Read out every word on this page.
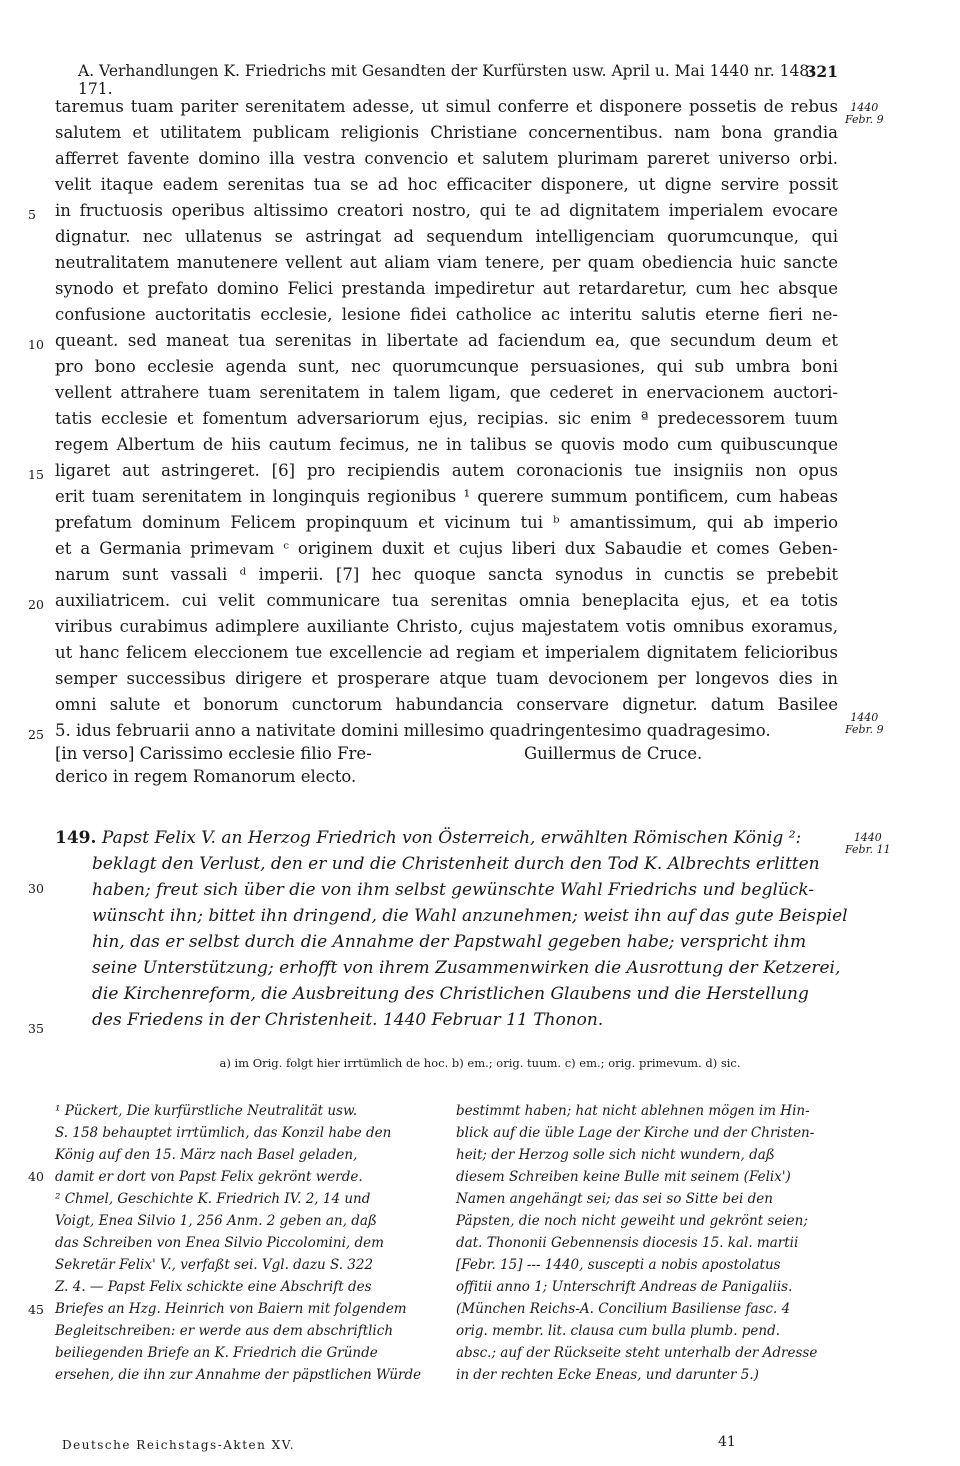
A. Verhandlungen K. Friedrichs mit Gesandten der Kurfürsten usw. April u. Mai 1440 nr. 148-171.
321
taremus tuam pariter serenitatem adesse, ut simul conferre et disponere possetis de rebus
salutem et utilitatem publicam religionis Christiane concernentibus. nam bona grandia
afferret favente domino illa vestra convencio et salutem plurimam pareret universo orbi.
velit itaque eadem serenitas tua se ad hoc efficaciter disponere, ut digne servire possit
in fructuosis operibus altissimo creatori nostro, qui te ad dignitatem imperialem evocare
dignatur. nec ullatenus se astringat ad sequendum intelligenciam quorumcunque, qui
neutralitatem manutenere vellent aut aliam viam tenere, per quam obediencia huic sancte
synodo et prefato domino Felici prestanda impediretur aut retardaretur, cum hec absque
confusione auctoritatis ecclesie, lesione fidei catholice ac interitu salutis eterne fieri ne-
queant. sed maneat tua serenitas in libertate ad faciendum ea, que secundum deum et
pro bono ecclesie agenda sunt, nec quorumcunque persuasiones, qui sub umbra boni
vellent attrahere tuam serenitatem in talem ligam, que cederet in enervacionem auctori-
tatis ecclesie et fomentum adversariorum ejus, recipias. sic enim ª predecessorem tuum
regem Albertum de hiis cautum fecimus, ne in talibus se quovis modo cum quibuscunque
ligaret aut astringeret. [6] pro recipiendis autem coronacionis tue insigniis non opus
erit tuam serenitatem in longinquis regionibus ¹ querere summum pontificem, cum habeas
prefatum dominum Felicem propinquum et vicinum tui ᵇ amantissimum, qui ab imperio
et a Germania primevam ᶜ originem duxit et cujus liberi dux Sabaudie et comes Geben-
narum sunt vassali ᵈ imperii. [7] hec quoque sancta synodus in cunctis se prebebit
auxiliatricem. cui velit communicare tua serenitas omnia beneplacita ejus, et ea totis
viribus curabimus adimplere auxiliante Christo, cujus majestatem votis omnibus exoramus,
ut hanc felicem eleccionem tue excellencie ad regiam et imperialem dignitatem felicioribus
semper successibus dirigere et prosperare atque tuam devocionem per longevos dies in
omni salute et bonorum cunctorum habundancia conservare dignetur. datum Basilee
5. idus februarii anno a nativitate domini millesimo quadringentesimo quadragesimo.
5
10
15
20
25
30
35
40
45
1440
Febr. 9
1440
Febr. 9
1440
Febr. 11
[in verso] Carissimo ecclesie filio Fre-
derico in regem Romanorum electo.
Guillermus de Cruce.
149. Papst Felix V. an Herzog Friedrich von Österreich, erwählten Römischen König ²:
beklagt den Verlust, den er und die Christenheit durch den Tod K. Albrechts erlitten
haben; freut sich über die von ihm selbst gewünschte Wahl Friedrichs und beglück-
wünscht ihn; bittet ihn dringend, die Wahl anzunehmen; weist ihn auf das gute Beispiel
hin, das er selbst durch die Annahme der Papstwahl gegeben habe; verspricht ihm
seine Unterstützung; erhofft von ihrem Zusammenwirken die Ausrottung der Ketzerei,
die Kirchenreform, die Ausbreitung des Christlichen Glaubens und die Herstellung
des Friedens in der Christenheit. 1440 Februar 11 Thonon.
a) im Orig. folgt hier irrtümlich de hoc. b) em.; orig. tuum. c) em.; orig. primevum. d) sic.
¹ Pückert, Die kurfürstliche Neutralität usw.
S. 158 behauptet irrtümlich, das Konzil habe den
König auf den 15. März nach Basel geladen,
damit er dort von Papst Felix gekrönt werde.
² Chmel, Geschichte K. Friedrich IV. 2, 14 und
Voigt, Enea Silvio 1, 256 Anm. 2 geben an, daß
das Schreiben von Enea Silvio Piccolomini, dem
Sekretär Felix' V., verfaßt sei. Vgl. dazu S. 322
Z. 4. — Papst Felix schickte eine Abschrift des
Briefes an Hzg. Heinrich von Baiern mit folgendem
Begleitschreiben: er werde aus dem abschriftlich
beiliegenden Briefe an K. Friedrich die Gründe
ersehen, die ihn zur Annahme der päpstlichen Würde
bestimmt haben; hat nicht ablehnen mögen im Hin-
blick auf die üble Lage der Kirche und der Christen-
heit; der Herzog solle sich nicht wundern, daß
diesem Schreiben keine Bulle mit seinem (Felix')
Namen angehängt sei; das sei so Sitte bei den
Päpsten, die noch nicht geweiht und gekrönt seien;
dat. Thononii Gebennensis diocesis 15. kal. martii
[Febr. 15] --- 1440, suscepti a nobis apostolatus
offitii anno 1; Unterschrift Andreas de Panigaliis.
(München Reichs-A. Concilium Basiliense fasc. 4
orig. membr. lit. clausa cum bulla plumb. pend.
absc.; auf der Rückseite steht unterhalb der Adresse
in der rechten Ecke Eneas, und darunter 5.)
Deutsche Reichstags-Akten XV.	41
